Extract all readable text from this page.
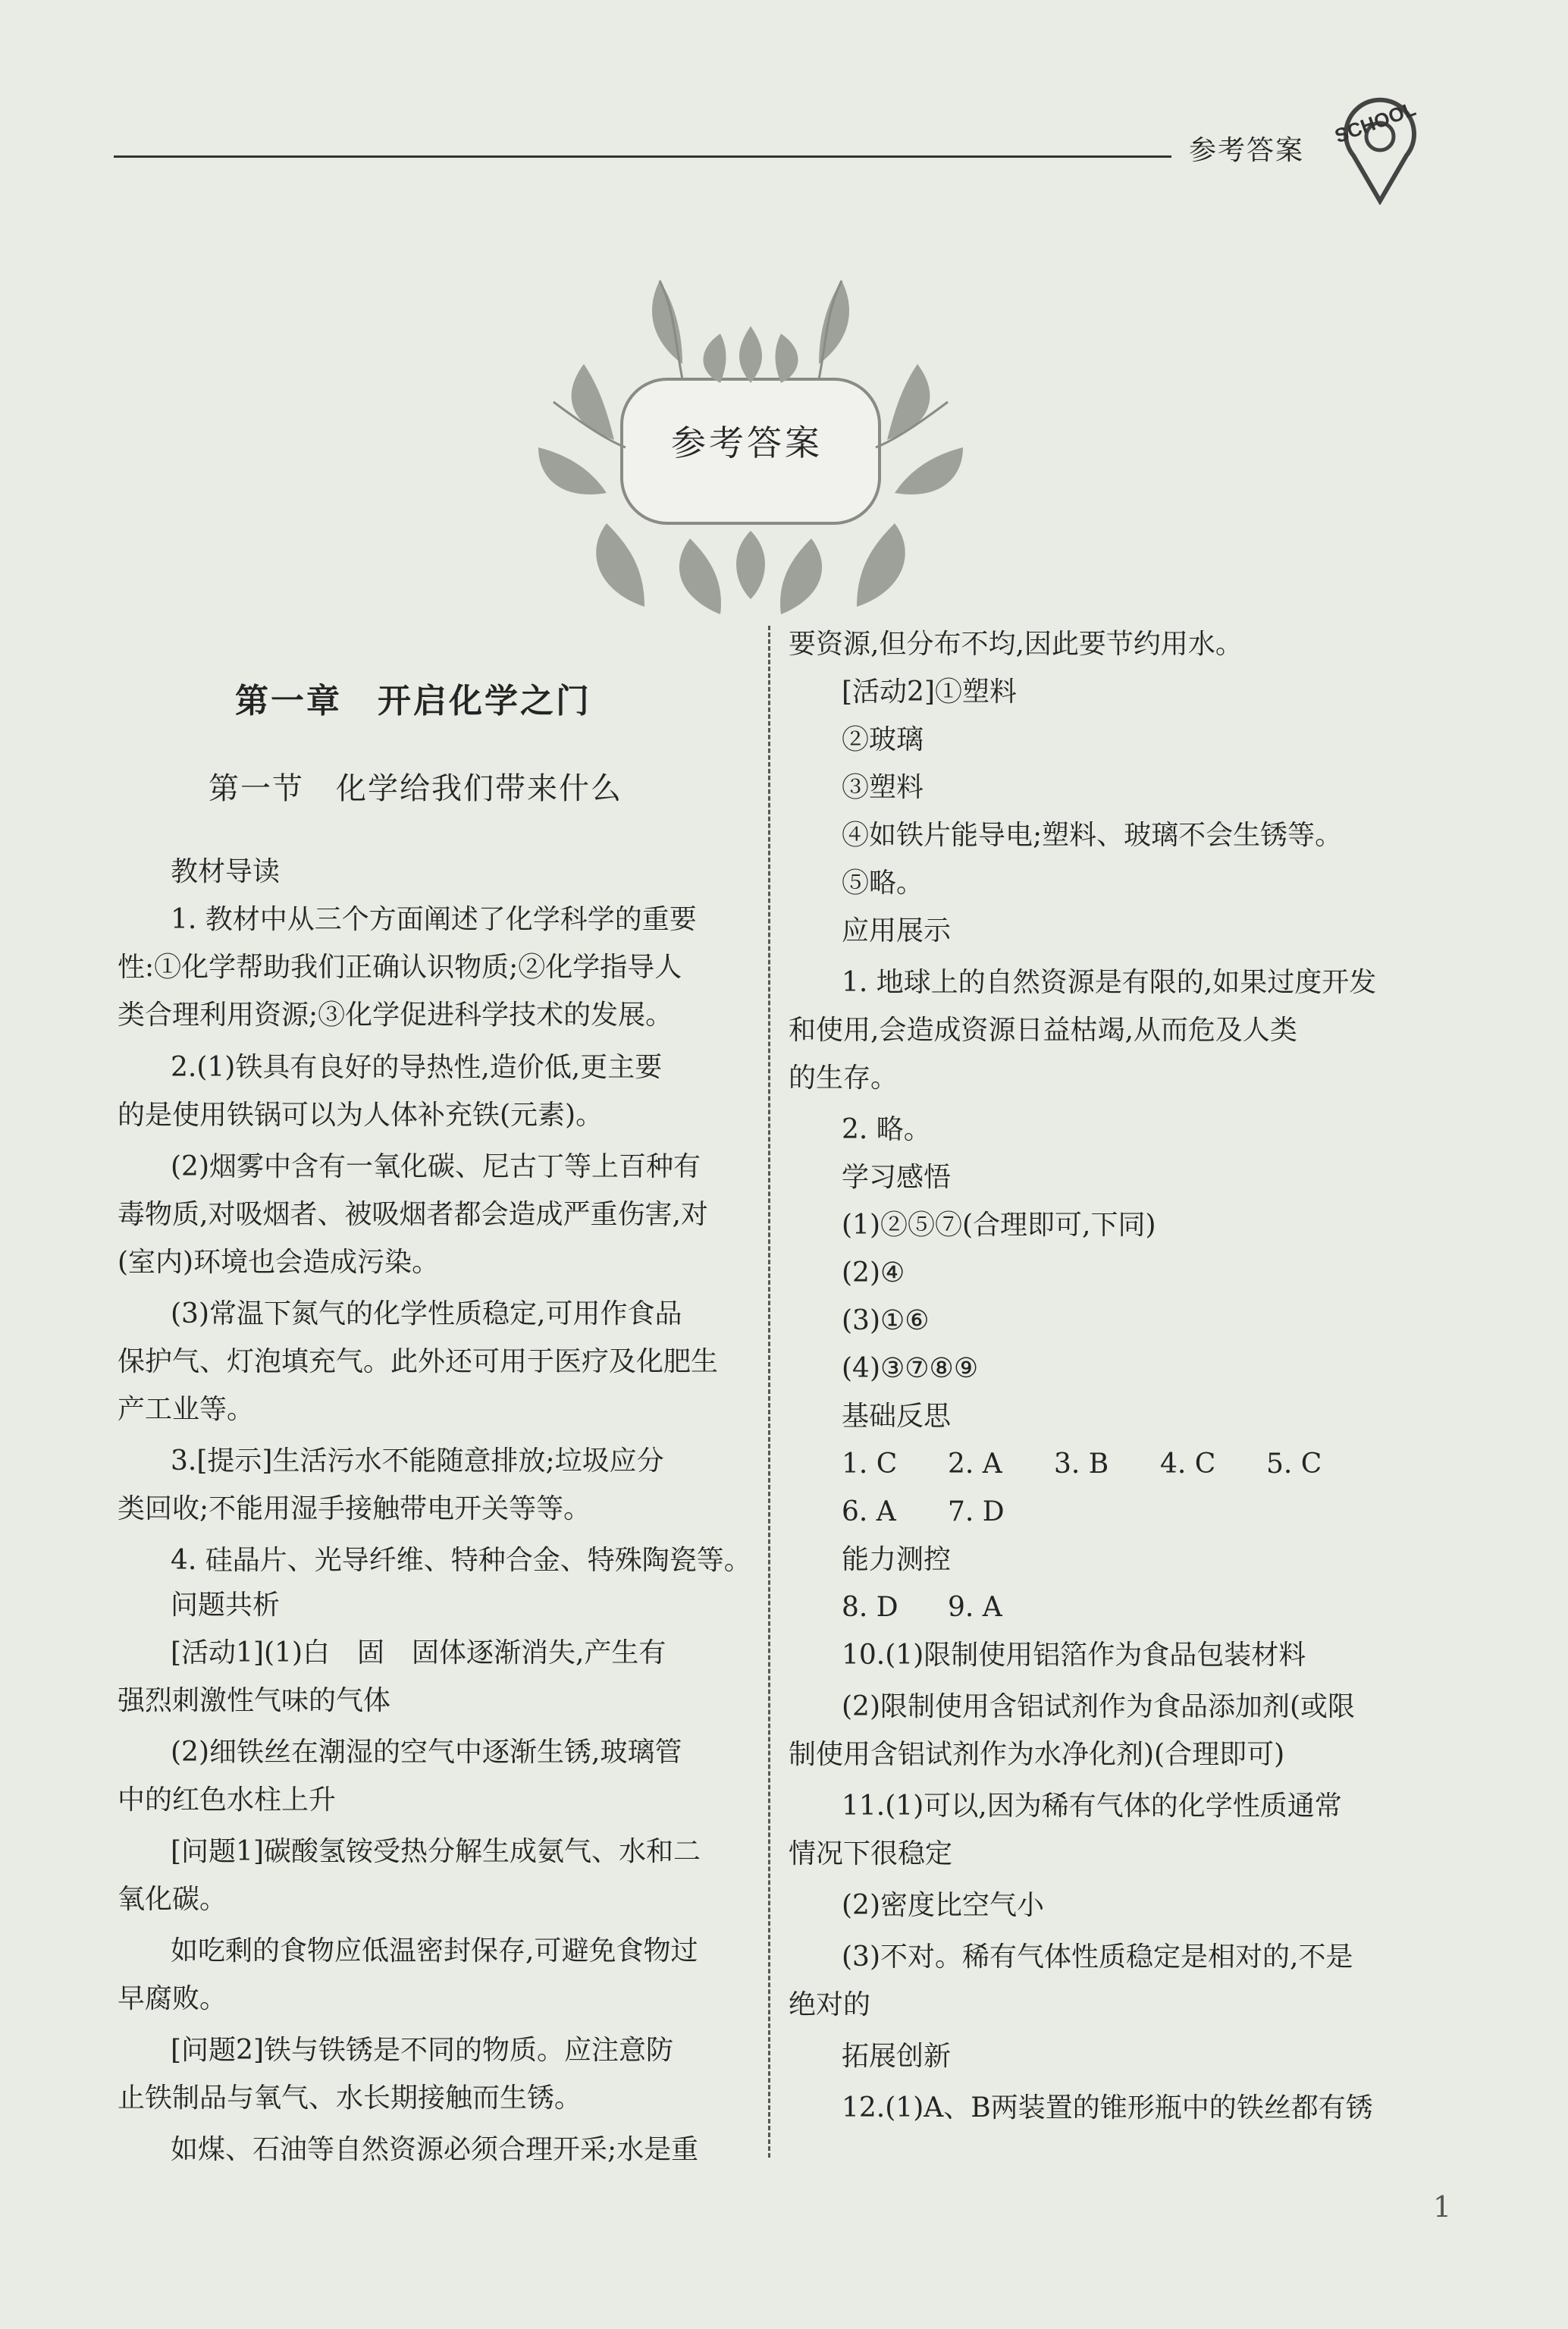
参考答案
SCHOOL
参考答案
第一章　开启化学之门
第一节　化学给我们带来什么
教材导读
1. 教材中从三个方面阐述了化学科学的重要
性:①化学帮助我们正确认识物质;②化学指导人
类合理利用资源;③化学促进科学技术的发展。
2.(1)铁具有良好的导热性,造价低,更主要
的是使用铁锅可以为人体补充铁(元素)。
(2)烟雾中含有一氧化碳、尼古丁等上百种有
毒物质,对吸烟者、被吸烟者都会造成严重伤害,对
(室内)环境也会造成污染。
(3)常温下氮气的化学性质稳定,可用作食品
保护气、灯泡填充气。此外还可用于医疗及化肥生
产工业等。
3.[提示]生活污水不能随意排放;垃圾应分
类回收;不能用湿手接触带电开关等等。
4. 硅晶片、光导纤维、特种合金、特殊陶瓷等。
问题共析
[活动1](1)白　固　固体逐渐消失,产生有
强烈刺激性气味的气体
(2)细铁丝在潮湿的空气中逐渐生锈,玻璃管
中的红色水柱上升
[问题1]碳酸氢铵受热分解生成氨气、水和二
氧化碳。
如吃剩的食物应低温密封保存,可避免食物过
早腐败。
[问题2]铁与铁锈是不同的物质。应注意防
止铁制品与氧气、水长期接触而生锈。
如煤、石油等自然资源必须合理开采;水是重
要资源,但分布不均,因此要节约用水。
[活动2]①塑料
②玻璃
③塑料
④如铁片能导电;塑料、玻璃不会生锈等。
⑤略。
应用展示
1. 地球上的自然资源是有限的,如果过度开发
和使用,会造成资源日益枯竭,从而危及人类
的生存。
2. 略。
学习感悟
(1)②⑤⑦(合理即可,下同)
(2)④
(3)①⑥
(4)③⑦⑧⑨
基础反思
1. C 2. A 3. B 4. C 5. C
6. A 7. D
能力测控
8. D 9. A
10.(1)限制使用铝箔作为食品包装材料
(2)限制使用含铝试剂作为食品添加剂(或限
制使用含铝试剂作为水净化剂)(合理即可)
11.(1)可以,因为稀有气体的化学性质通常
情况下很稳定
(2)密度比空气小
(3)不对。稀有气体性质稳定是相对的,不是
绝对的
拓展创新
12.(1)A、B两装置的锥形瓶中的铁丝都有锈
1
